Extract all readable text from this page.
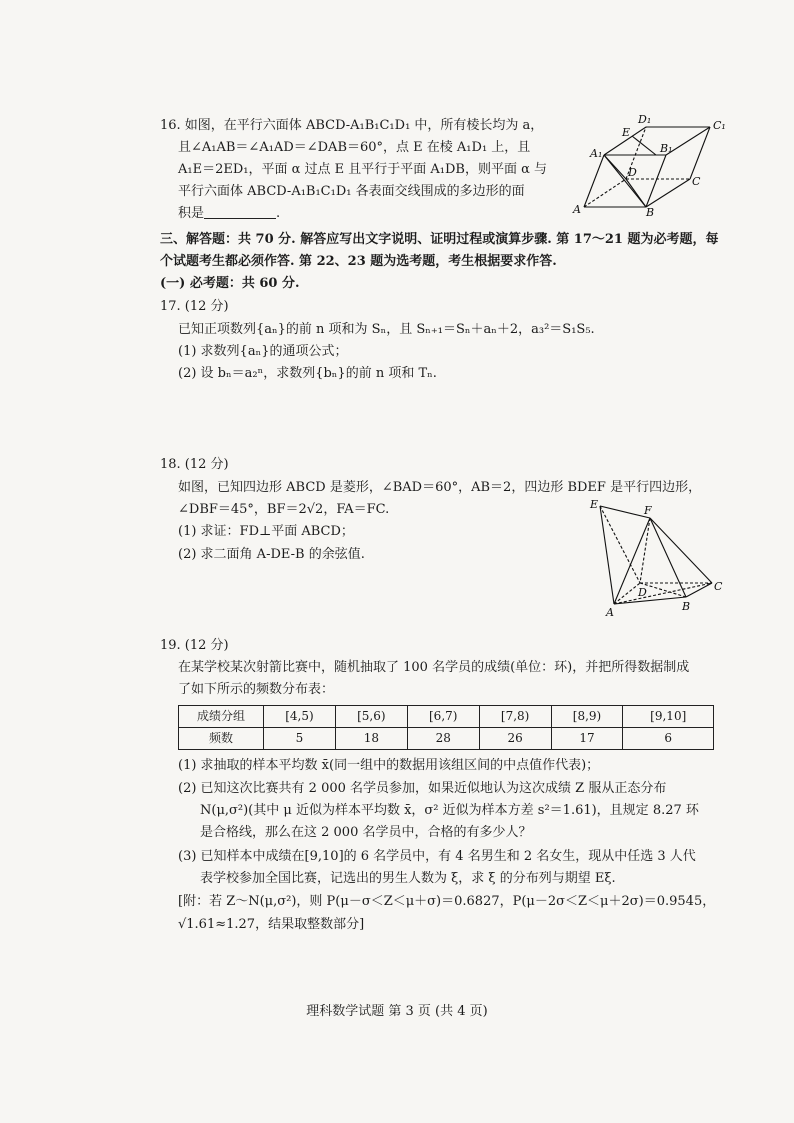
16. 如图，在平行六面体 ABCD-A₁B₁C₁D₁ 中，所有棱长均为 a，
且∠A₁AB＝∠A₁AD＝∠DAB＝60°，点 E 在棱 A₁D₁ 上，且
A₁E＝2ED₁，平面 α 过点 E 且平行于平面 A₁DB，则平面 α 与
平行六面体 ABCD-A₁B₁C₁D₁ 各表面交线围成的多边形的面
积是	.
D₁	C₁
E
A₁	B₁
D
C
A	B
三、解答题：共 70 分. 解答应写出文字说明、证明过程或演算步骤. 第 17～21 题为必考题，每
个试题考生都必须作答. 第 22、23 题为选考题，考生根据要求作答.
(一) 必考题：共 60 分.
17. (12 分)
已知正项数列{aₙ}的前 n 项和为 Sₙ，且 Sₙ₊₁＝Sₙ＋aₙ＋2，a₃²＝S₁S₅.
(1) 求数列{aₙ}的通项公式；
(2) 设 bₙ＝a₂ⁿ，求数列{bₙ}的前 n 项和 Tₙ.
18. (12 分)
如图，已知四边形 ABCD 是菱形，∠BAD＝60°，AB＝2，四边形 BDEF 是平行四边形，
∠DBF＝45°，BF＝2√2，FA＝FC.
(1) 求证：FD⊥平面 ABCD；
(2) 求二面角 A-DE-B 的余弦值.
E	F
D	C
A	B
19. (12 分)
在某学校某次射箭比赛中，随机抽取了 100 名学员的成绩(单位：环)，并把所得数据制成
了如下所示的频数分布表：
成绩分组	[4,5)	[5,6)	[6,7)	[7,8)	[8,9)	[9,10]
频数	5	18	28	26	17	6
(1) 求抽取的样本平均数 x̄(同一组中的数据用该组区间的中点值作代表)；
(2) 已知这次比赛共有 2 000 名学员参加，如果近似地认为这次成绩 Z 服从正态分布
N(μ,σ²)(其中 μ 近似为样本平均数 x̄，σ² 近似为样本方差 s²＝1.61)，且规定 8.27 环
是合格线，那么在这 2 000 名学员中，合格的有多少人？
(3) 已知样本中成绩在[9,10]的 6 名学员中，有 4 名男生和 2 名女生，现从中任选 3 人代
表学校参加全国比赛，记选出的男生人数为 ξ，求 ξ 的分布列与期望 Eξ.
[附：若 Z～N(μ,σ²)，则 P(μ－σ＜Z＜μ＋σ)＝0.6827，P(μ－2σ＜Z＜μ＋2σ)＝0.9545，
√1.61≈1.27，结果取整数部分]
理科数学试题 第 3 页 (共 4 页)
